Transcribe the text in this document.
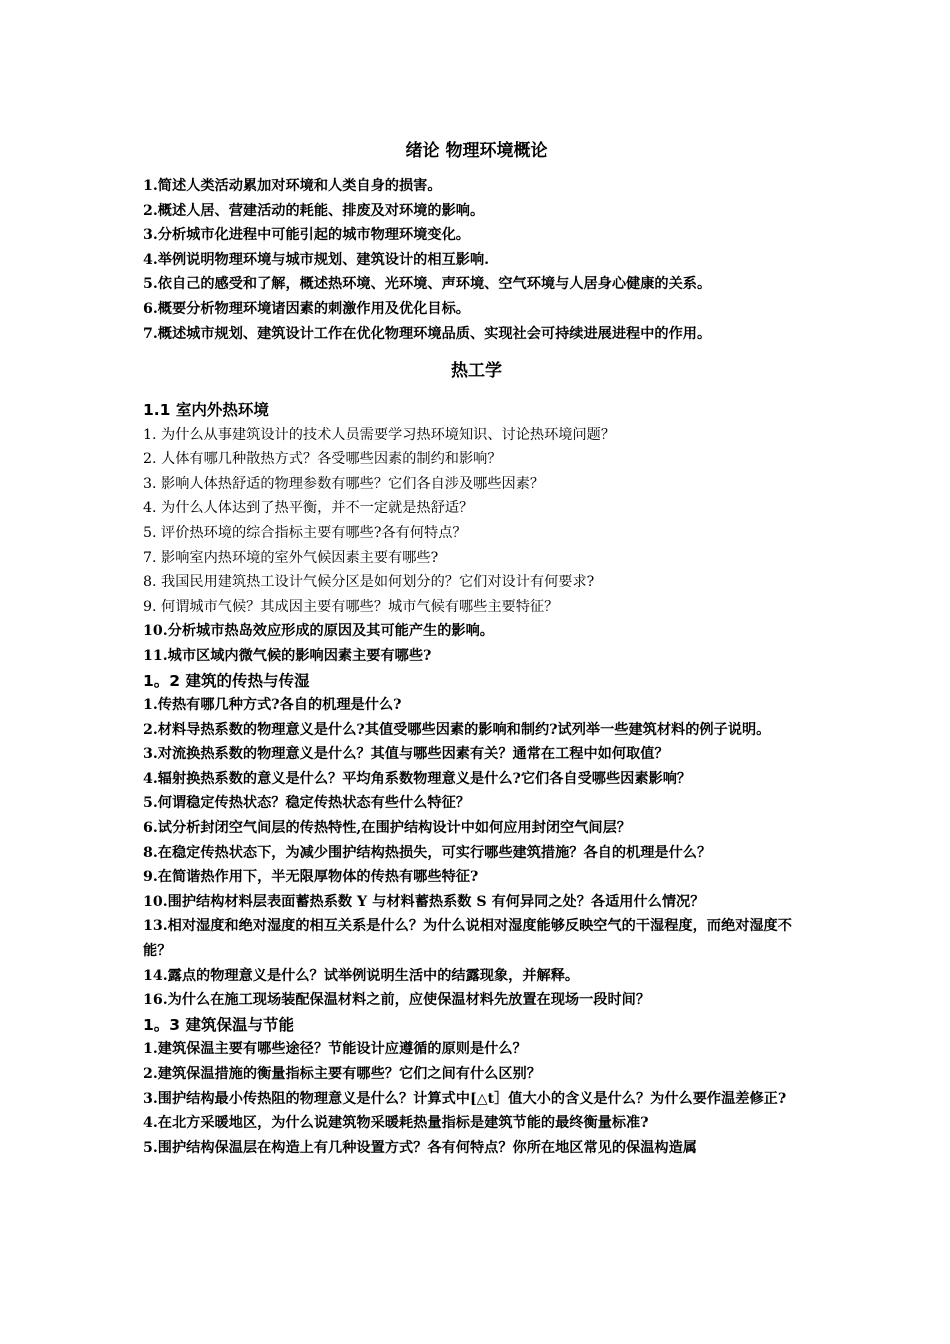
绪论 物理环境概论
1.简述人类活动累加对环境和人类自身的损害。
2.概述人居、营建活动的耗能、排废及对环境的影响。
3.分析城市化进程中可能引起的城市物理环境变化。
4.举例说明物理环境与城市规划、建筑设计的相互影响.
5.依自己的感受和了解，概述热环境、光环境、声环境、空气环境与人居身心健康的关系。
6.概要分析物理环境诸因素的刺激作用及优化目标。
7.概述城市规划、建筑设计工作在优化物理环境品质、实现社会可持续进展进程中的作用。
热工学
1.1 室内外热环境
1. 为什么从事建筑设计的技术人员需要学习热环境知识、讨论热环境问题？
2. 人体有哪几种散热方式？各受哪些因素的制约和影响？
3. 影响人体热舒适的物理参数有哪些？它们各自涉及哪些因素？
4. 为什么人体达到了热平衡，并不一定就是热舒适？
5. 评价热环境的综合指标主要有哪些?各有何特点？
7. 影响室内热环境的室外气候因素主要有哪些?
8. 我国民用建筑热工设计气候分区是如何划分的？它们对设计有何要求?
9. 何谓城市气候？其成因主要有哪些？城市气候有哪些主要特征？
10.分析城市热岛效应形成的原因及其可能产生的影响。
11.城市区域内微气候的影响因素主要有哪些?
1。2 建筑的传热与传湿
1.传热有哪几种方式?各自的机理是什么?
2.材料导热系数的物理意义是什么?其值受哪些因素的影响和制约?试列举一些建筑材料的例子说明。
3.对流换热系数的物理意义是什么？其值与哪些因素有关？通常在工程中如何取值？
4.辐射换热系数的意义是什么？平均角系数物理意义是什么?它们各自受哪些因素影响？
5.何谓稳定传热状态？稳定传热状态有些什么特征？
6.试分析封闭空气间层的传热特性,在围护结构设计中如何应用封闭空气间层？
8.在稳定传热状态下，为减少围护结构热损失，可实行哪些建筑措施？各自的机理是什么？
9.在简谐热作用下，半无限厚物体的传热有哪些特征?
10.围护结构材料层表面蓄热系数 Y 与材料蓄热系数 S 有何异同之处？各适用什么情况？
13.相对湿度和绝对湿度的相互关系是什么？为什么说相对湿度能够反映空气的干湿程度，而绝对湿度不能？
14.露点的物理意义是什么？试举例说明生活中的结露现象，并解释。
16.为什么在施工现场装配保温材料之前，应使保温材料先放置在现场一段时间？
1。3 建筑保温与节能
1.建筑保温主要有哪些途径？节能设计应遵循的原则是什么？
2.建筑保温措施的衡量指标主要有哪些？它们之间有什么区别？
3.围护结构最小传热阻的物理意义是什么？计算式中[△t］值大小的含义是什么？为什么要作温差修正?
4.在北方采暖地区，为什么说建筑物采暖耗热量指标是建筑节能的最终衡量标准?
5.围护结构保温层在构造上有几种设置方式？各有何特点？你所在地区常见的保温构造属
